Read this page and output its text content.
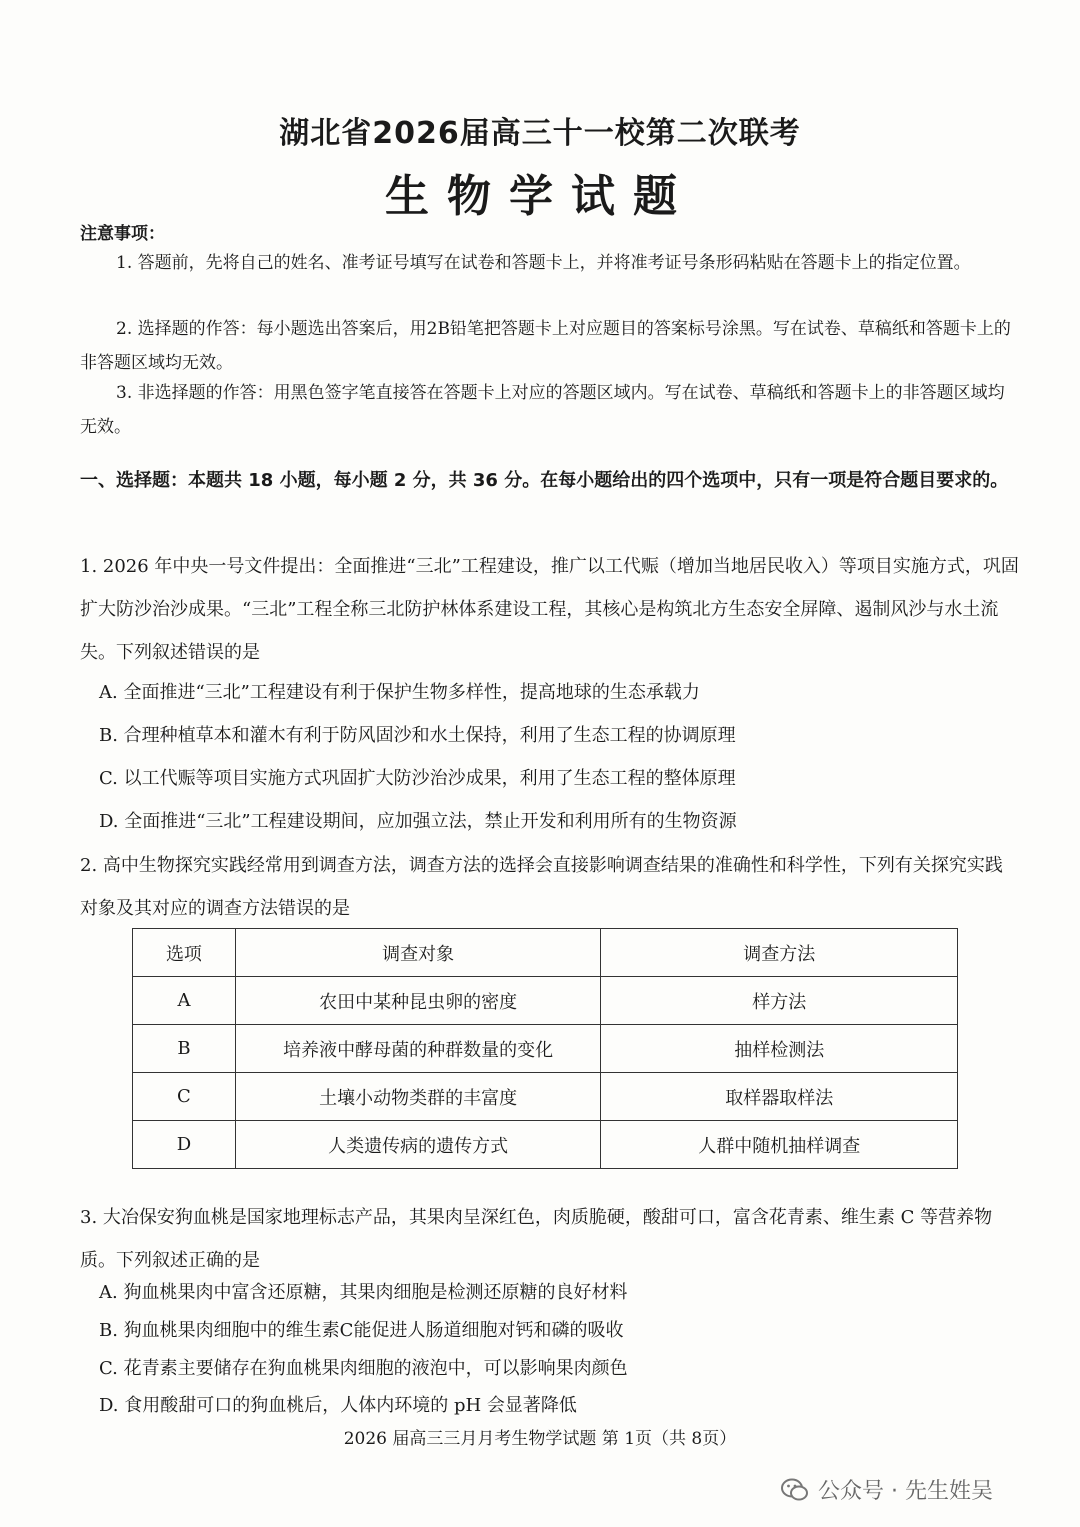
湖北省2026届高三十一校第二次联考
生物学试题
注意事项：
1. 答题前，先将自己的姓名、准考证号填写在试卷和答题卡上，并将准考证号条形码粘贴在答题卡上的指定位置。
2. 选择题的作答：每小题选出答案后，用2B铅笔把答题卡上对应题目的答案标号涂黑。写在试卷、草稿纸和答题卡上的非答题区域均无效。
3. 非选择题的作答：用黑色签字笔直接答在答题卡上对应的答题区域内。写在试卷、草稿纸和答题卡上的非答题区域均无效。
一、选择题：本题共 18 小题，每小题 2 分，共 36 分。在每小题给出的四个选项中，只有一项是符合题目要求的。
1. 2026 年中央一号文件提出：全面推进“三北”工程建设，推广以工代赈（增加当地居民收入）等项目实施方式，巩固扩大防沙治沙成果。“三北”工程全称三北防护林体系建设工程，其核心是构筑北方生态安全屏障、遏制风沙与水土流失。下列叙述错误的是
A. 全面推进“三北”工程建设有利于保护生物多样性，提高地球的生态承载力
B. 合理种植草本和灌木有利于防风固沙和水土保持，利用了生态工程的协调原理
C. 以工代赈等项目实施方式巩固扩大防沙治沙成果，利用了生态工程的整体原理
D. 全面推进“三北”工程建设期间，应加强立法，禁止开发和利用所有的生物资源
2. 高中生物探究实践经常用到调查方法，调查方法的选择会直接影响调查结果的准确性和科学性，下列有关探究实践对象及其对应的调查方法错误的是
选项	调查对象	调查方法
A	农田中某种昆虫卵的密度	样方法
B	培养液中酵母菌的种群数量的变化	抽样检测法
C	土壤小动物类群的丰富度	取样器取样法
D	人类遗传病的遗传方式	人群中随机抽样调查
3. 大冶保安狗血桃是国家地理标志产品，其果肉呈深红色，肉质脆硬，酸甜可口，富含花青素、维生素 C 等营养物质。下列叙述正确的是
A. 狗血桃果肉中富含还原糖，其果肉细胞是检测还原糖的良好材料
B. 狗血桃果肉细胞中的维生素C能促进人肠道细胞对钙和磷的吸收
C. 花青素主要储存在狗血桃果肉细胞的液泡中，可以影响果肉颜色
D. 食用酸甜可口的狗血桃后，人体内环境的 pH 会显著降低
2026 届高三三月月考生物学试题 第 1页（共 8页）
公众号 · 先生姓吴
